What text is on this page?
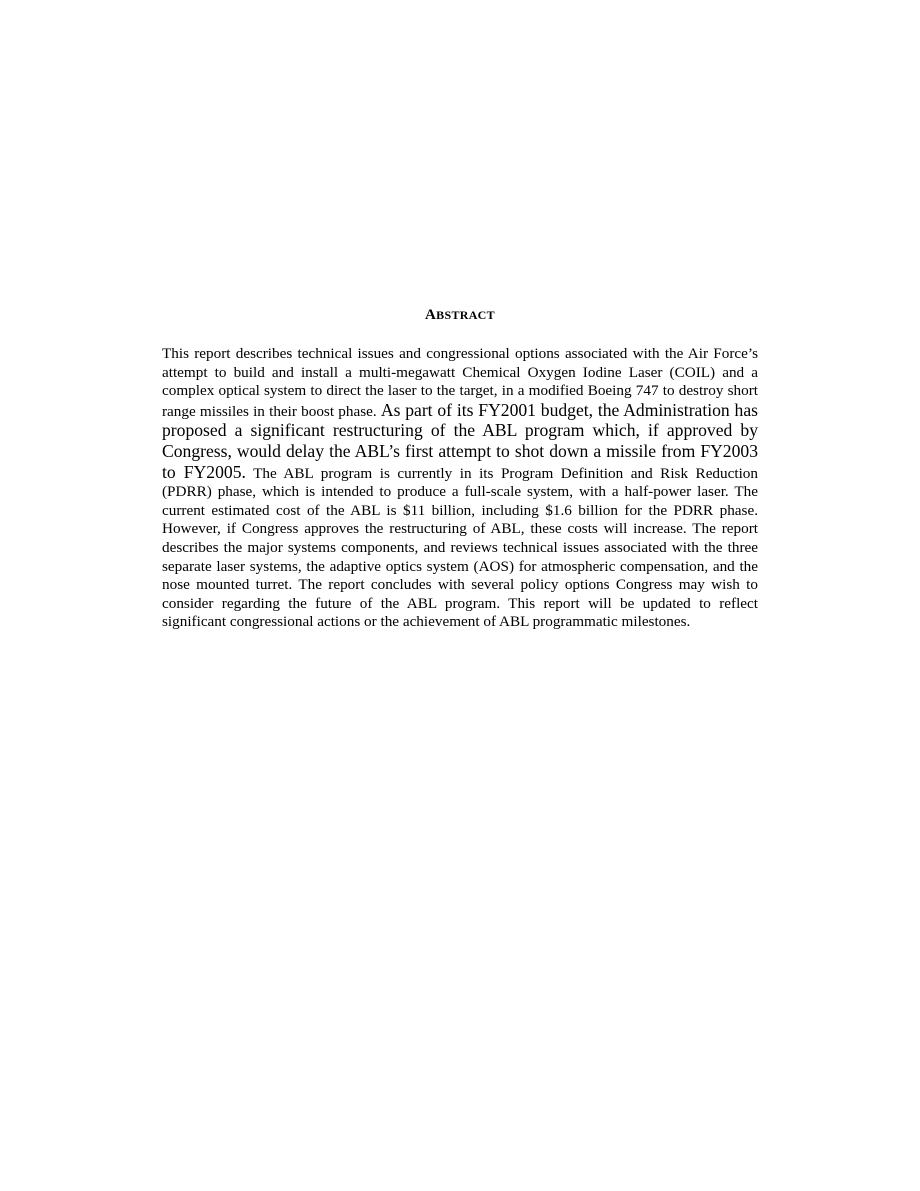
ABSTRACT

This report describes technical issues and congressional options associated with the Air Force’s attempt to build and install a multi-megawatt Chemical Oxygen Iodine Laser (COIL) and a complex optical system to direct the laser to the target, in a modified Boeing 747 to destroy short range missiles in their boost phase. As part of its FY2001 budget, the Administration has proposed a significant restructuring of the ABL program which, if approved by Congress, would delay the ABL’s first attempt to shot down a missile from FY2003 to FY2005. The ABL program is currently in its Program Definition and Risk Reduction (PDRR) phase, which is intended to produce a full-scale system, with a half-power laser. The current estimated cost of the ABL is $11 billion, including $1.6 billion for the PDRR phase. However, if Congress approves the restructuring of ABL, these costs will increase. The report describes the major systems components, and reviews technical issues associated with the three separate laser systems, the adaptive optics system (AOS) for atmospheric compensation, and the nose mounted turret. The report concludes with several policy options Congress may wish to consider regarding the future of the ABL program. This report will be updated to reflect significant congressional actions or the achievement of ABL programmatic milestones.
